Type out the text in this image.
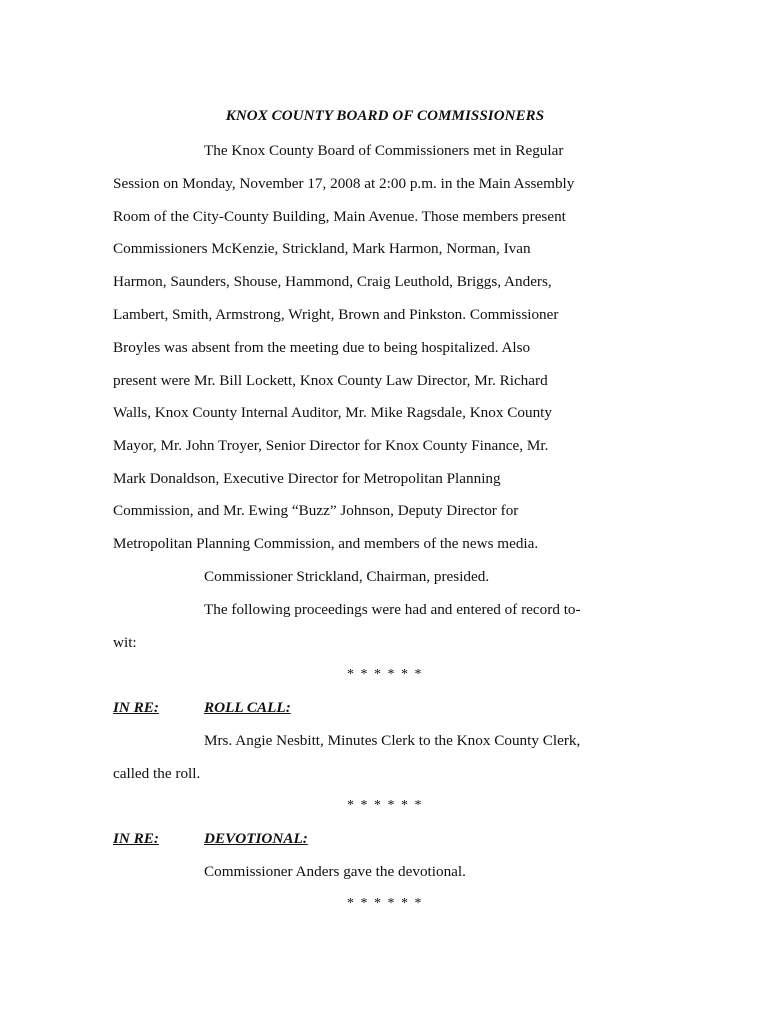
KNOX COUNTY BOARD OF COMMISSIONERS
The Knox County Board of Commissioners met in Regular
Session on Monday, November 17, 2008 at 2:00 p.m. in the Main Assembly
Room of the City-County Building, Main Avenue. Those members present
Commissioners McKenzie, Strickland, Mark Harmon, Norman, Ivan
Harmon, Saunders, Shouse, Hammond, Craig Leuthold, Briggs, Anders,
Lambert, Smith, Armstrong, Wright, Brown and Pinkston. Commissioner
Broyles was absent from the meeting due to being hospitalized. Also
present were Mr. Bill Lockett, Knox County Law Director, Mr. Richard
Walls, Knox County Internal Auditor, Mr. Mike Ragsdale, Knox County
Mayor, Mr. John Troyer, Senior Director for Knox County Finance, Mr.
Mark Donaldson, Executive Director for Metropolitan Planning
Commission, and Mr. Ewing “Buzz” Johnson, Deputy Director for
Metropolitan Planning Commission, and members of the news media.
Commissioner Strickland, Chairman, presided.
The following proceedings were had and entered of record to-
wit:
* * * * * *
IN RE:	ROLL CALL:
Mrs. Angie Nesbitt, Minutes Clerk to the Knox County Clerk,
called the roll.
* * * * * *
IN RE:	DEVOTIONAL:
Commissioner Anders gave the devotional.
* * * * * *
